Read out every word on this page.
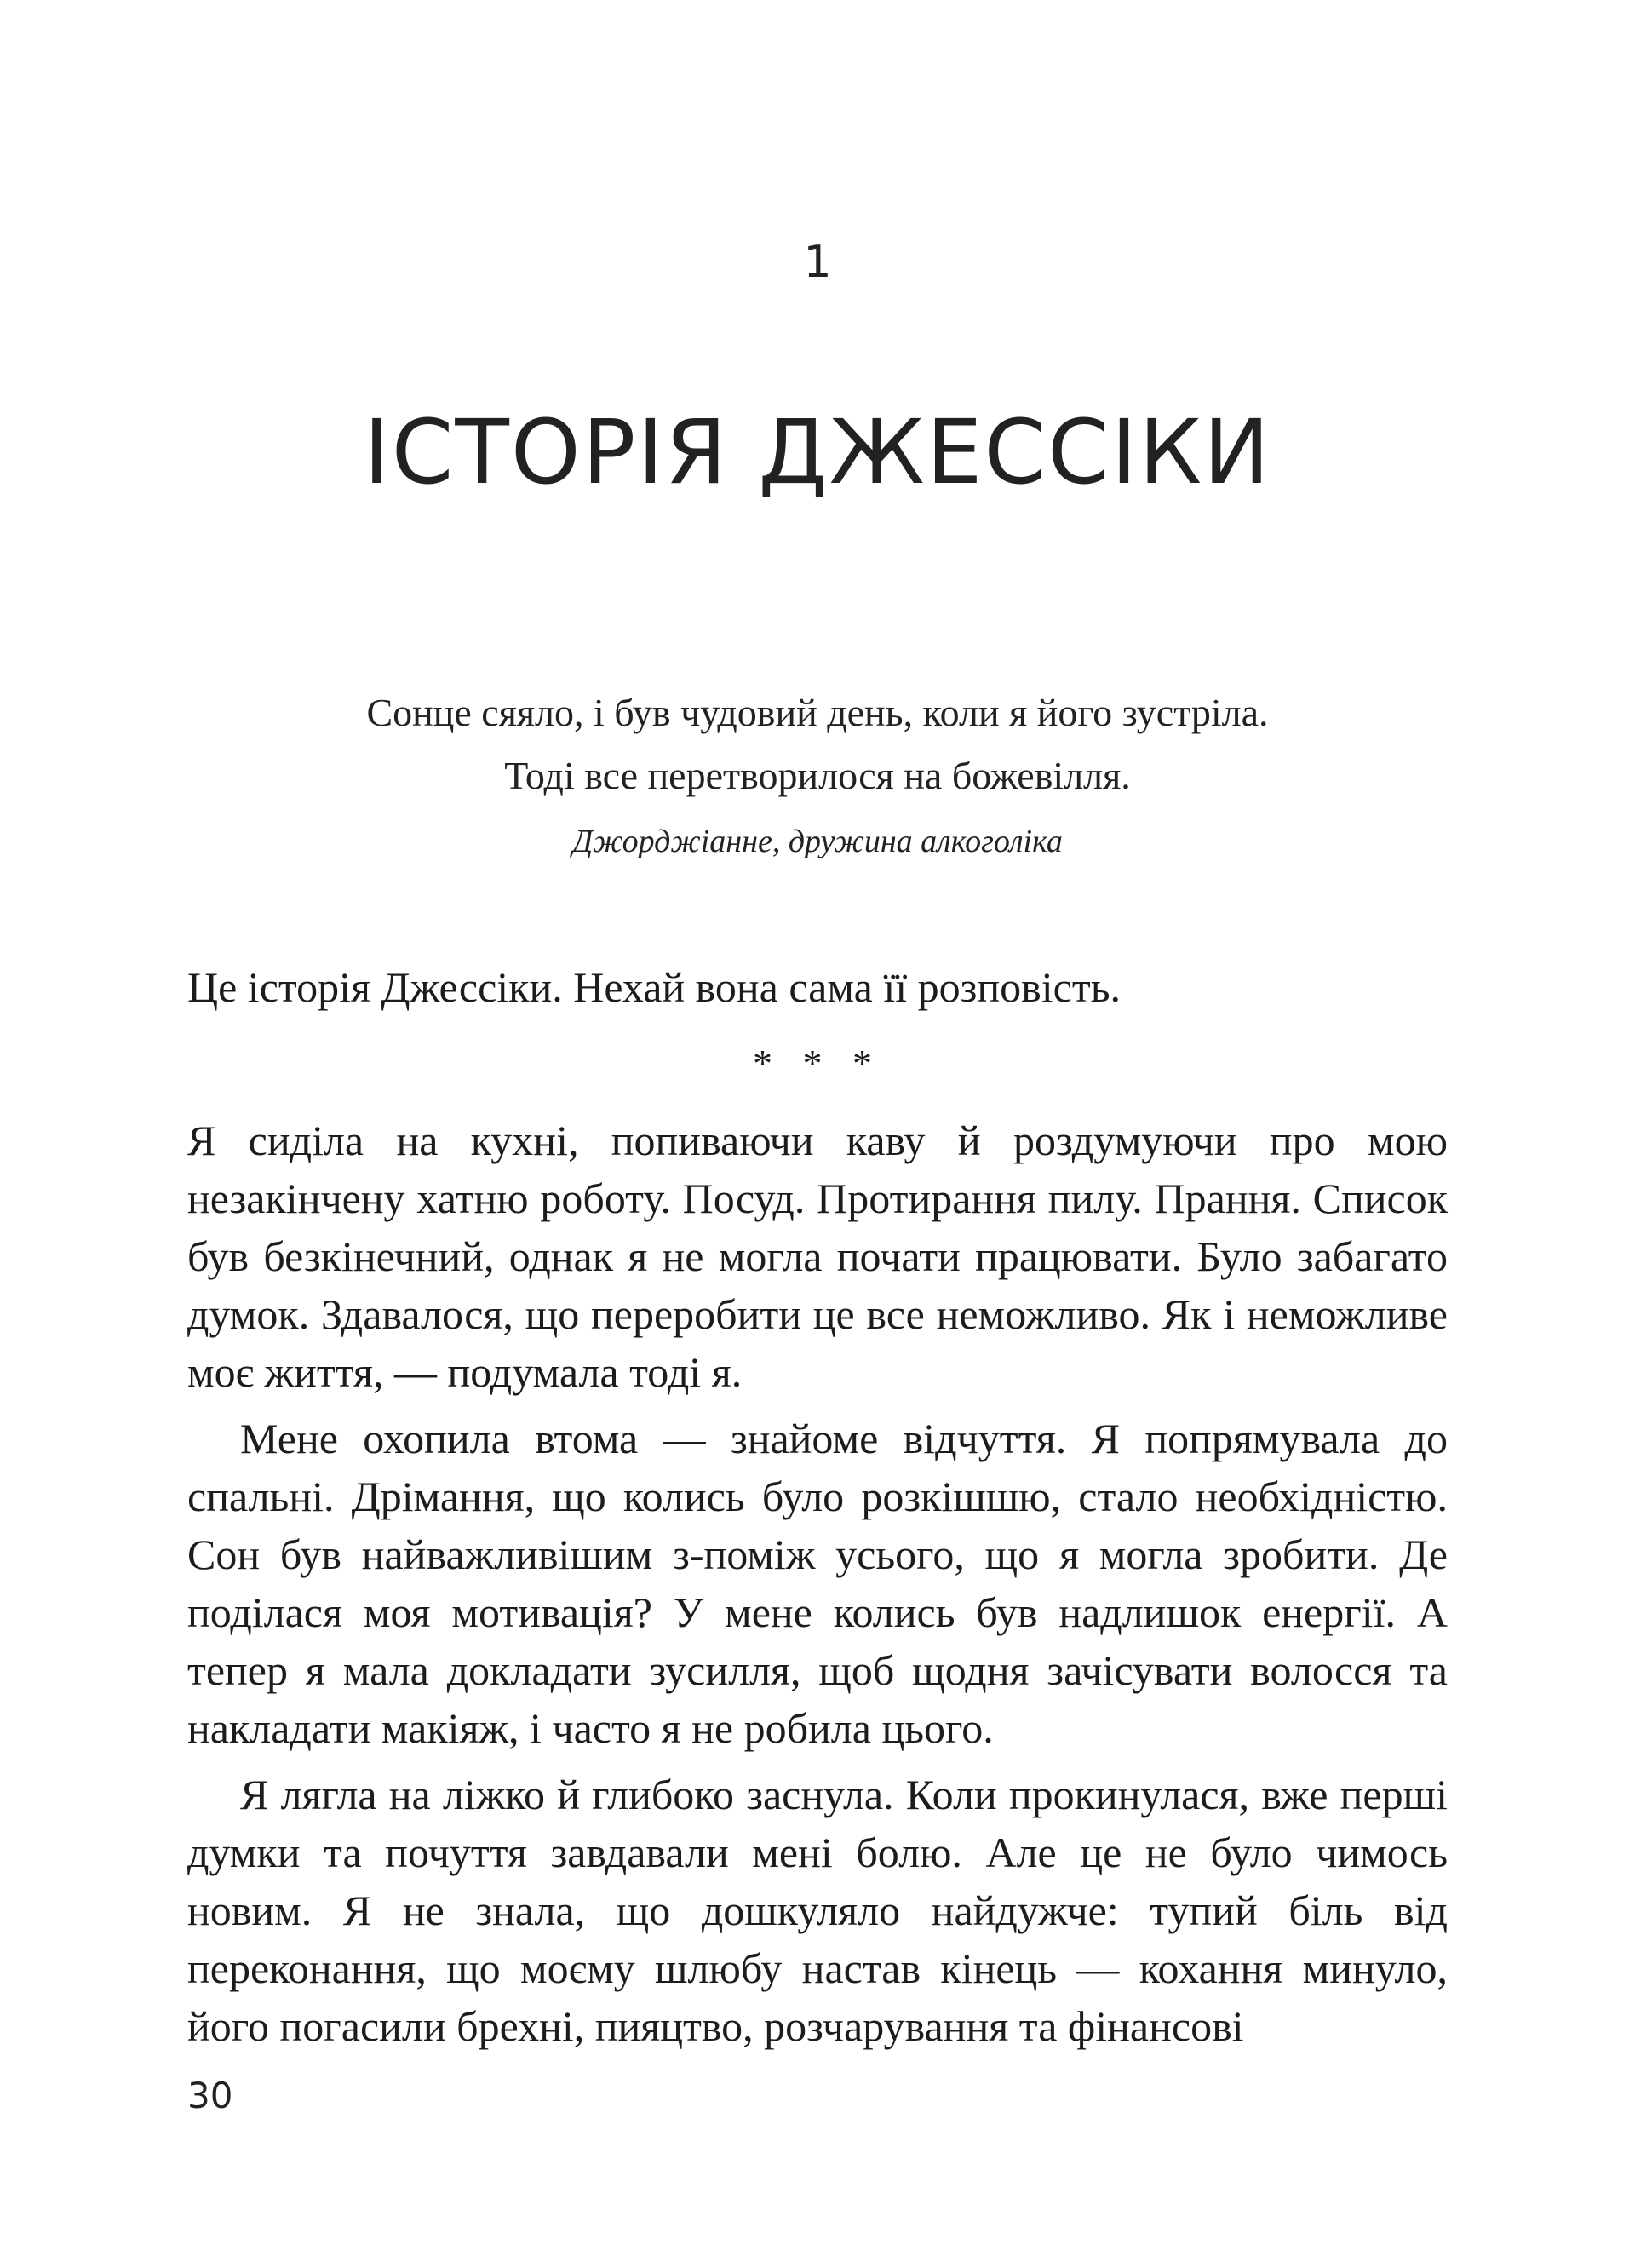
1
ІСТОРІЯ ДЖЕССІКИ
Сонце сяяло, і був чудовий день, коли я його зустріла.
Тоді все перетворилося на божевілля.
Джорджіанне, дружина алкоголіка

Це історія Джессіки. Нехай вона сама її розповість.

* * *

Я сиділа на кухні, попиваючи каву й роздумуючи про мою незакінчену хатню роботу. Посуд. Протирання пилу. Прання. Список був безкінечний, однак я не могла почати працювати. Було забагато думок. Здавалося, що переробити це все неможливо. Як і неможливе моє життя, — подумала тоді я.

Мене охопила втома — знайоме відчуття. Я попрямувала до спальні. Дрімання, що колись було розкішшю, стало необхідністю. Сон був найважливішим з-поміж усього, що я могла зробити. Де поділася моя мотивація? У мене колись був надлишок енергії. А тепер я мала докладати зусилля, щоб щодня зачісувати волосся та накладати макіяж, і часто я не робила цього.

Я лягла на ліжко й глибоко заснула. Коли прокинулася, вже перші думки та почуття завдавали мені болю. Але це не було чимось новим. Я не знала, що дошкуляло найдужче: тупий біль від переконання, що моєму шлюбу настав кінець — кохання минуло, його погасили брехні, пияцтво, розчарування та фінансові

30
